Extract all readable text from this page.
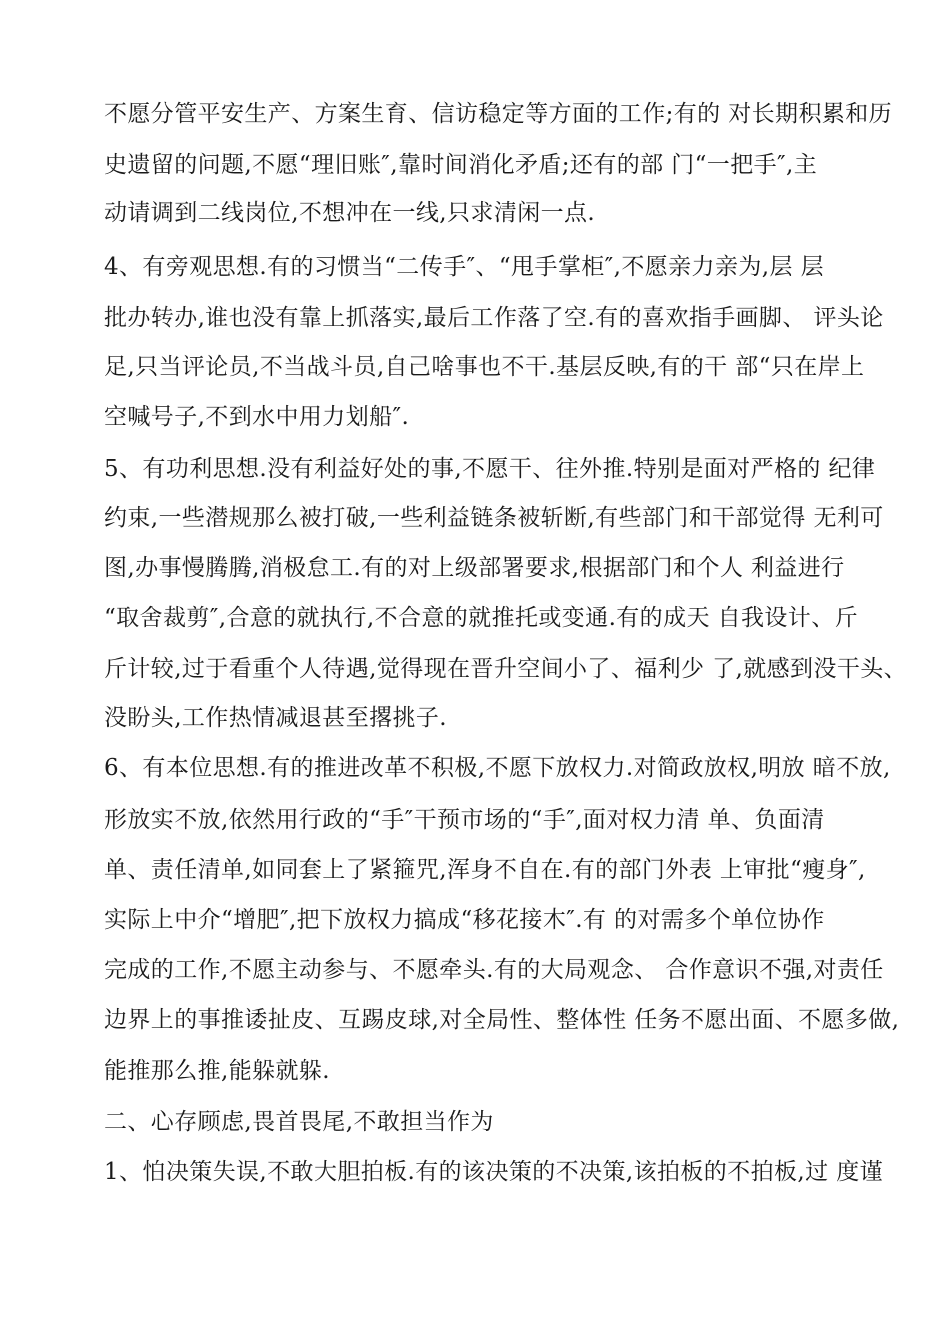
不愿分管平安生产、方案生育、信访稳定等方面的工作;有的 对长期积累和历
史遗留的问题,不愿“理旧账″,靠时间消化矛盾;还有的部 门“一把手″,主
动请调到二线岗位,不想冲在一线,只求清闲一点.
4、有旁观思想.有的习惯当“二传手″、“甩手掌柜″,不愿亲力亲为,层 层
批办转办,谁也没有靠上抓落实,最后工作落了空.有的喜欢指手画脚、 评头论
足,只当评论员,不当战斗员,自己啥事也不干.基层反映,有的干 部“只在岸上
空喊号子,不到水中用力划船″.
5、有功利思想.没有利益好处的事,不愿干、往外推.特别是面对严格的 纪律
约束,一些潜规那么被打破,一些利益链条被斩断,有些部门和干部觉得 无利可
图,办事慢腾腾,消极怠工.有的对上级部署要求,根据部门和个人 利益进行
“取舍裁剪″,合意的就执行,不合意的就推托或变通.有的成天 自我设计、斤
斤计较,过于看重个人待遇,觉得现在晋升空间小了、福利少 了,就感到没干头、
没盼头,工作热情减退甚至撂挑子.
6、有本位思想.有的推进改革不积极,不愿下放权力.对简政放权,明放 暗不放,
形放实不放,依然用行政的“手″干预市场的“手″,面对权力清 单、负面清
单、责任清单,如同套上了紧箍咒,浑身不自在.有的部门外表 上审批“瘦身″,
实际上中介“增肥″,把下放权力搞成“移花接木″.有 的对需多个单位协作
完成的工作,不愿主动参与、不愿牵头.有的大局观念、 合作意识不强,对责任
边界上的事推诿扯皮、互踢皮球,对全局性、整体性 任务不愿出面、不愿多做,
能推那么推,能躲就躲.
二、心存顾虑,畏首畏尾,不敢担当作为
1、怕决策失误,不敢大胆拍板.有的该决策的不决策,该拍板的不拍板,过 度谨
